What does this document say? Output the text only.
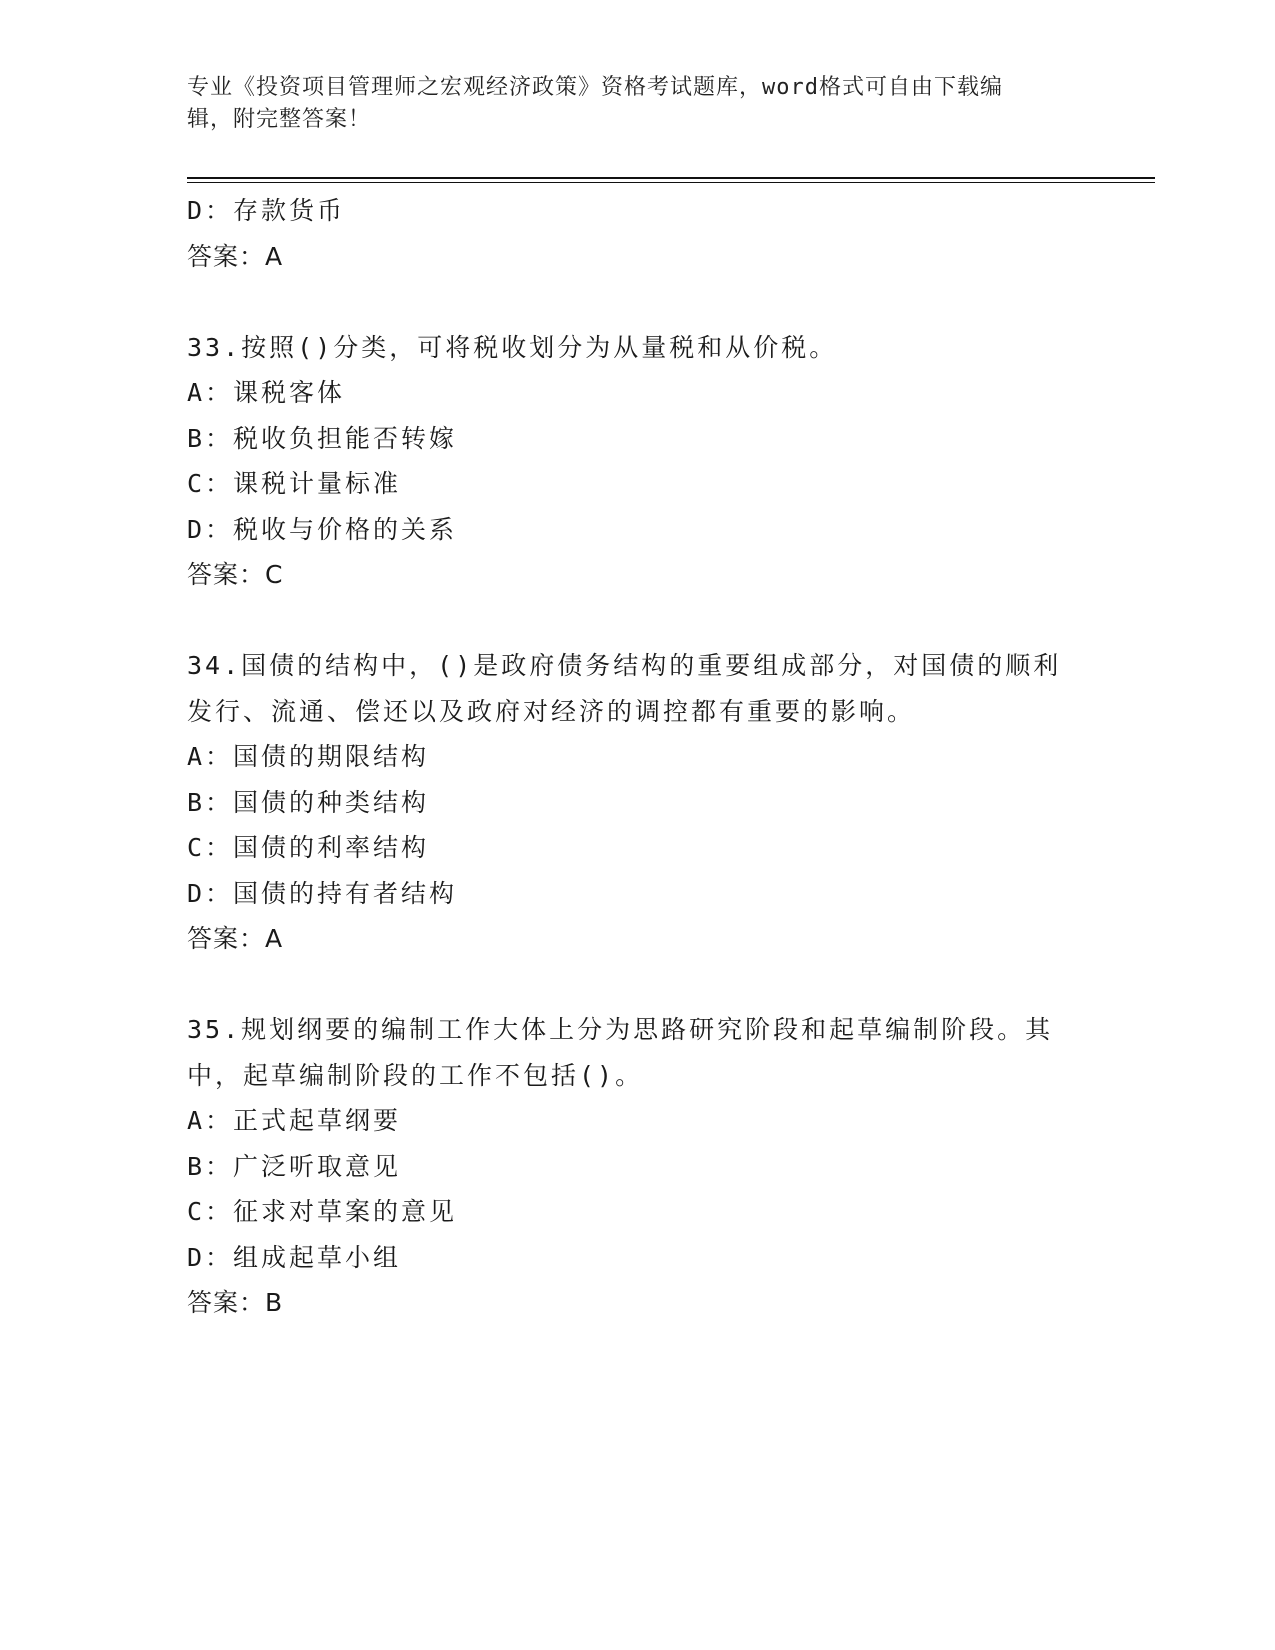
专业《投资项目管理师之宏观经济政策》资格考试题库，word格式可自由下载编
辑，附完整答案！
D：存款货币
答案：A
33.按照()分类，可将税收划分为从量税和从价税。
A：课税客体
B：税收负担能否转嫁
C：课税计量标准
D：税收与价格的关系
答案：C
34.国债的结构中，()是政府债务结构的重要组成部分，对国债的顺利
发行、流通、偿还以及政府对经济的调控都有重要的影响。
A：国债的期限结构
B：国债的种类结构
C：国债的利率结构
D：国债的持有者结构
答案：A
35.规划纲要的编制工作大体上分为思路研究阶段和起草编制阶段。其
中，起草编制阶段的工作不包括()。
A：正式起草纲要
B：广泛听取意见
C：征求对草案的意见
D：组成起草小组
答案：B
